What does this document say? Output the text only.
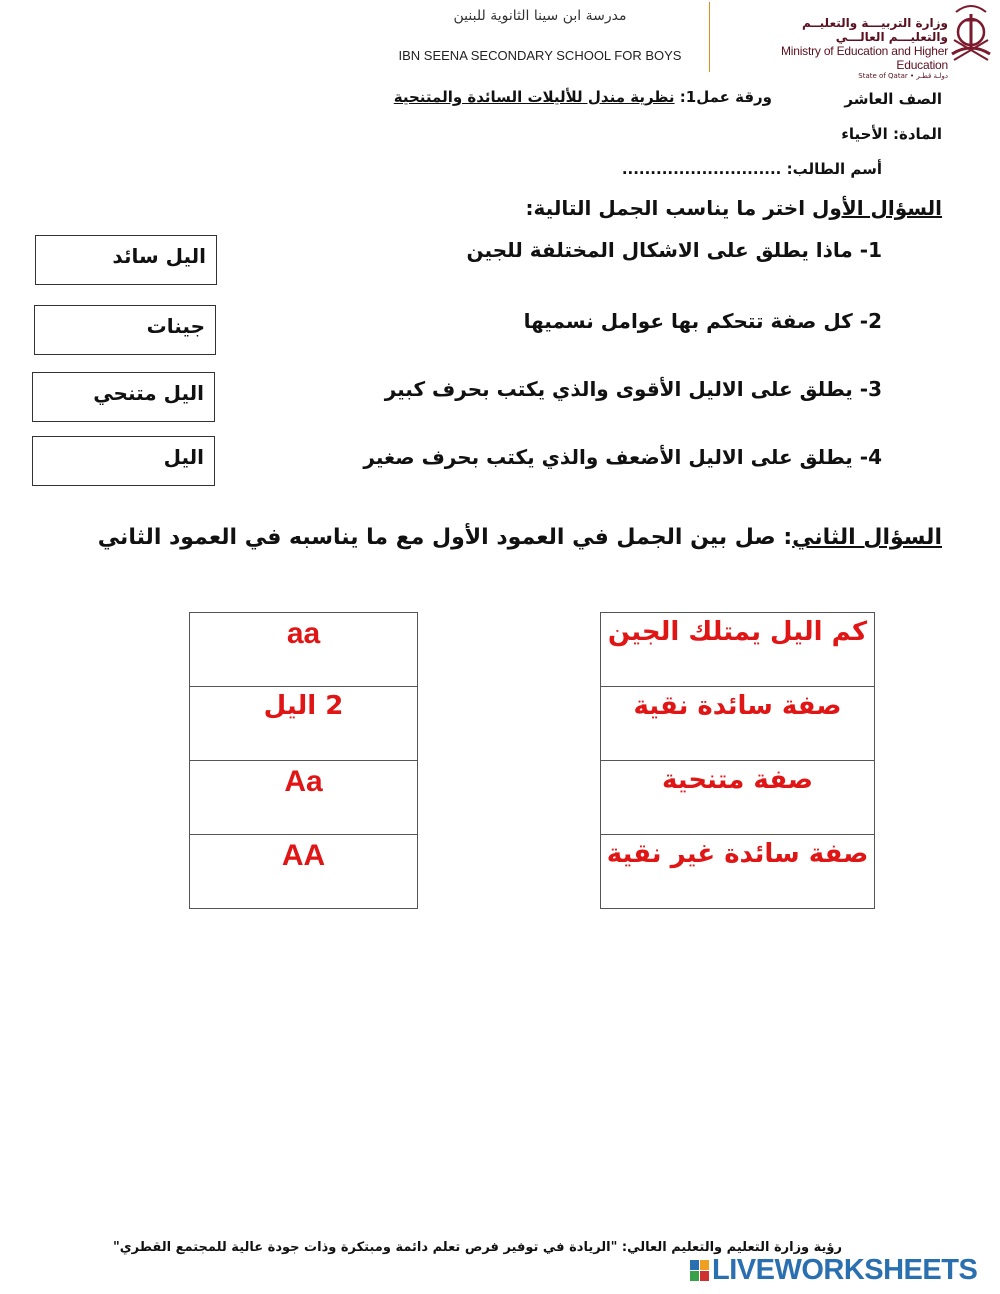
مدرسة ابن سينا الثانوية للبنين
IBN SEENA SECONDARY SCHOOL FOR BOYS
وزارة التربيـــة والتعليــم والتعليـــم العالـــي
Ministry of Education and Higher Education
State of Qatar • دولـة قطـر
الصف العاشر
ورقة عمل1: نظرية مندل للأليلات السائدة والمتنحية
المادة: الأحياء
أسم الطالب: ............................
السؤال الأول اختر ما يناسب الجمل التالية:
1- ماذا يطلق على الاشكال المختلفة للجين
2- كل صفة تتحكم بها عوامل نسميها
3- يطلق على الاليل الأقوى والذي يكتب بحرف كبير
4- يطلق على الاليل الأضعف والذي يكتب بحرف صغير
اليل سائد
جينات
اليل متنحي
اليل
السؤال الثاني: صل بين الجمل في العمود الأول مع ما يناسبه في العمود الثاني
كم اليل يمتلك الجين
صفة سائدة نقية
صفة متنحية
صفة سائدة غير نقية
aa
2 اليل
Aa
AA
رؤية وزارة التعليم والتعليم العالي: "الريادة في توفير فرص تعلم دائمة ومبتكرة وذات جودة عالية للمجتمع القطري"
LIVEWORKSHEETS
